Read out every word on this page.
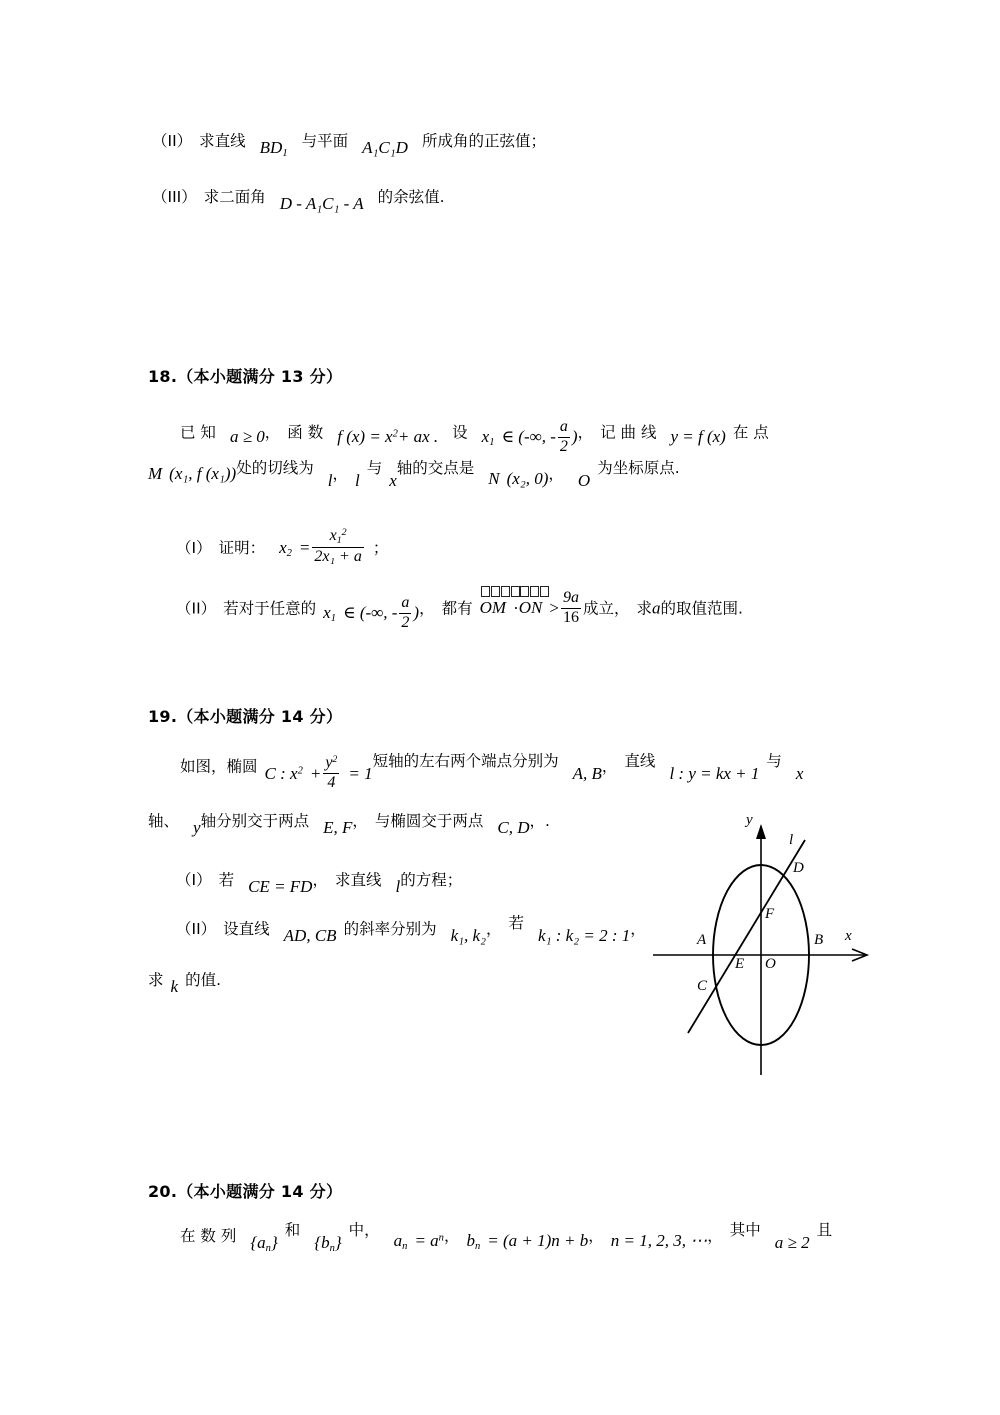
（II） 求直线 $BD_1$与平面 A₁C₁D 所成角的正弦值；
（III） 求二面角 D - A₁C₁ - A 的余弦值.
18.（本小题满分 13 分）
已 知 a ≥ 0， 函 数 f $(x) = x^2+$ ax . 设 $x_1$ ∈ (-∞, - $\frac{a}{2}$ )， 记 曲 线 y = f (x) 在 点
M (x₁, f (x₁))处的切线为l， l与x轴的交点是N (x₂, 0)， O为坐标原点.
（I） 证明： $x_2 = \frac{x_1^2}{\text{2x₁ + a}}$ ；
（II） 若对于任意的 $x_1$ ∈ (-∞, - $\frac{a}{2}$ )， 都有 OM ·
ON > $\frac{9a}{16}$ 成立， 求a的取值范围.
19.（本小题满分 14 分）
如图，椭圆 C : $x^2 + \frac{y^2}{4} = 1$短轴的左右两个端点分别为A, B， 直线l : y = kx + 1与x
轴、 y轴分别交于两点 E, F， 与椭圆交于两点 C, D，.
（I） 若 CE = FD， 求直线 l的方程；
（II） 设直线 AD, CB 的斜率分别为 k₁, k₂， 若k₁ : k₂ = 2 : 1，
求 k 的值.
y
x
l
D
F
A	B
E O
C
20.（本小题满分 14 分）
在 数 列 $\{a_n\}$和$\{b_n\}$中，$a_n = a^n$， $b_n = (a + 1)n + b$， n = 1, 2, 3, ⋯， 其中a ≥ 2且
